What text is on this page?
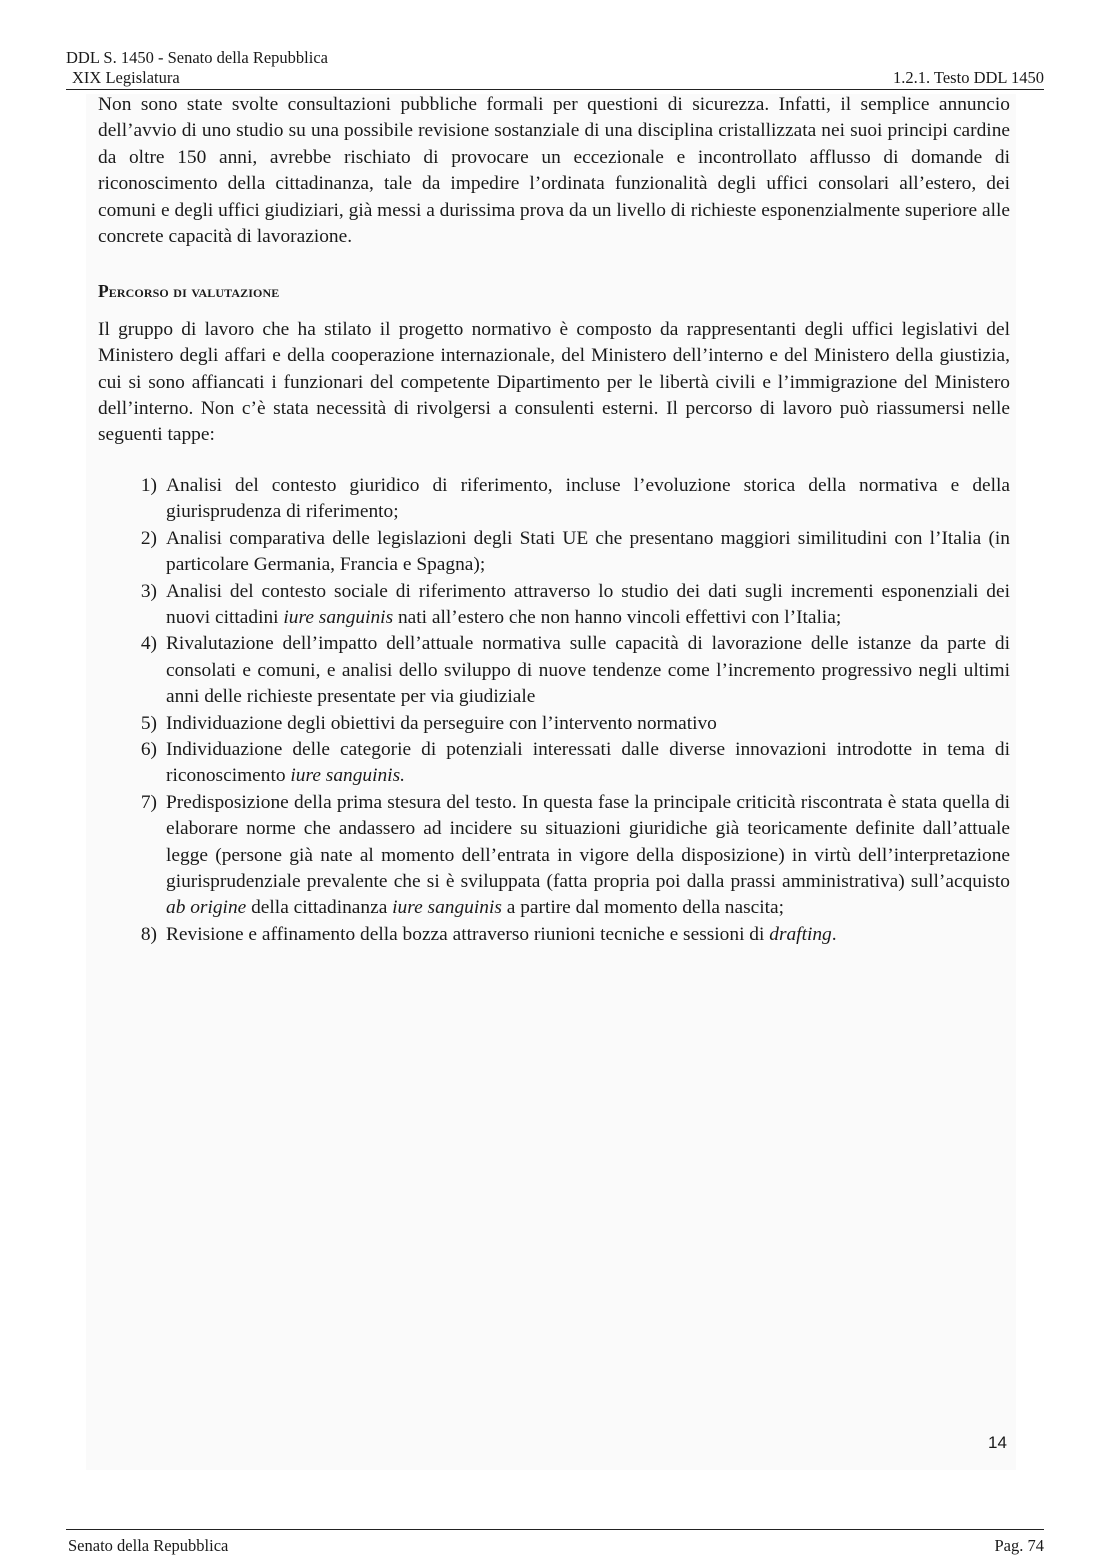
DDL S. 1450 - Senato della Repubblica
XIX Legislatura	1.2.1. Testo DDL 1450

Non sono state svolte consultazioni pubbliche formali per questioni di sicurezza. Infatti, il semplice annuncio dell’avvio di uno studio su una possibile revisione sostanziale di una disciplina cristallizzata nei suoi principi cardine da oltre 150 anni, avrebbe rischiato di provocare un eccezionale e incontrollato afflusso di domande di riconoscimento della cittadinanza, tale da impedire l’ordinata funzionalità degli uffici consolari all’estero, dei comuni e degli uffici giudiziari, già messi a durissima prova da un livello di richieste esponenzialmente superiore alle concrete capacità di lavorazione.

Percorso di valutazione

Il gruppo di lavoro che ha stilato il progetto normativo è composto da rappresentanti degli uffici legislativi del Ministero degli affari e della cooperazione internazionale, del Ministero dell’interno e del Ministero della giustizia, cui si sono affiancati i funzionari del competente Dipartimento per le libertà civili e l’immigrazione del Ministero dell’interno. Non c’è stata necessità di rivolgersi a consulenti esterni. Il percorso di lavoro può riassumersi nelle seguenti tappe:

1) Analisi del contesto giuridico di riferimento, incluse l’evoluzione storica della normativa e della giurisprudenza di riferimento;
2) Analisi comparativa delle legislazioni degli Stati UE che presentano maggiori similitudini con l’Italia (in particolare Germania, Francia e Spagna);
3) Analisi del contesto sociale di riferimento attraverso lo studio dei dati sugli incrementi esponenziali dei nuovi cittadini iure sanguinis nati all’estero che non hanno vincoli effettivi con l’Italia;
4) Rivalutazione dell’impatto dell’attuale normativa sulle capacità di lavorazione delle istanze da parte di consolati e comuni, e analisi dello sviluppo di nuove tendenze come l’incremento progressivo negli ultimi anni delle richieste presentate per via giudiziale
5) Individuazione degli obiettivi da perseguire con l’intervento normativo
6) Individuazione delle categorie di potenziali interessati dalle diverse innovazioni introdotte in tema di riconoscimento iure sanguinis.
7) Predisposizione della prima stesura del testo. In questa fase la principale criticità riscontrata è stata quella di elaborare norme che andassero ad incidere su situazioni giuridiche già teoricamente definite dall’attuale legge (persone già nate al momento dell’entrata in vigore della disposizione) in virtù dell’interpretazione giurisprudenziale prevalente che si è sviluppata (fatta propria poi dalla prassi amministrativa) sull’acquisto ab origine della cittadinanza iure sanguinis a partire dal momento della nascita;
8) Revisione e affinamento della bozza attraverso riunioni tecniche e sessioni di drafting.
14
Senato della Repubblica	Pag. 74
